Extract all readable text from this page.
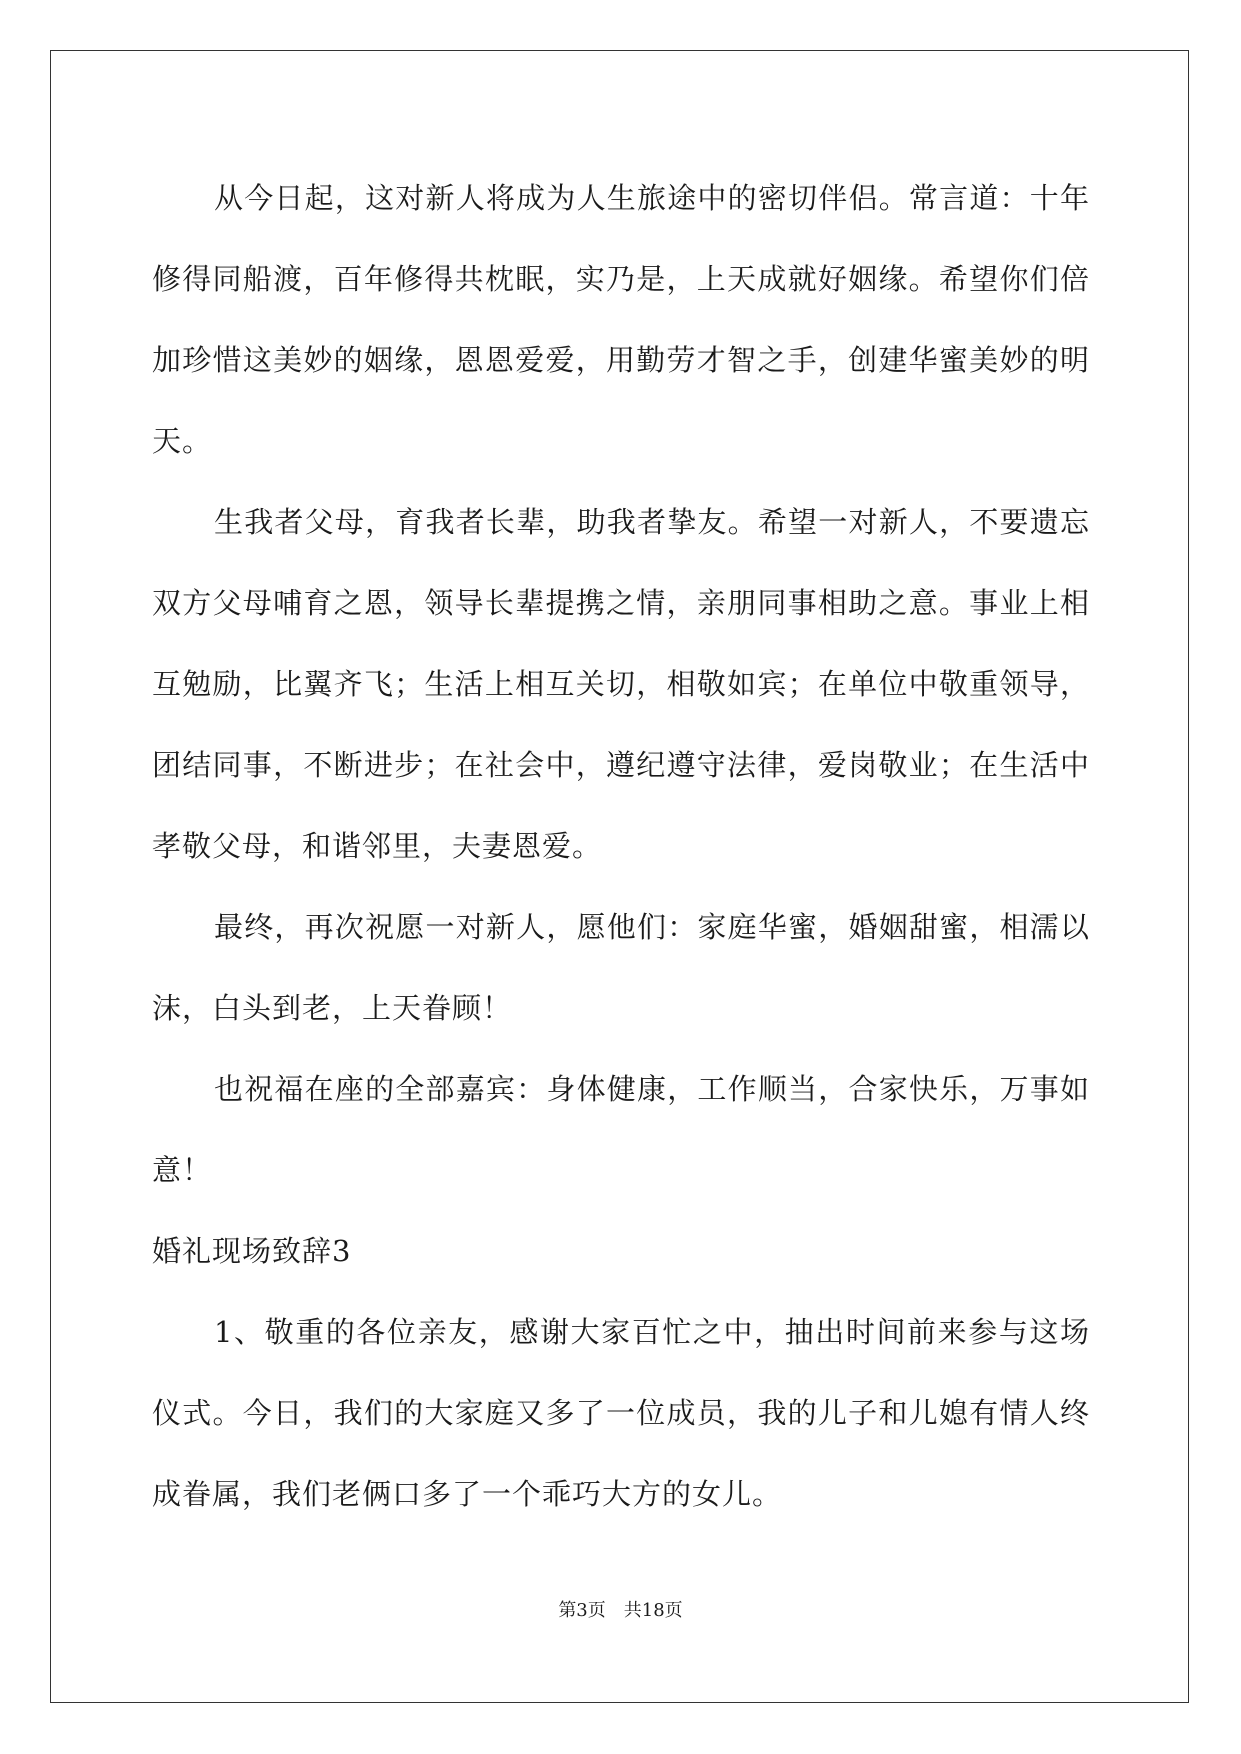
从今日起，这对新人将成为人生旅途中的密切伴侣。常言道：十年修得同船渡，百年修得共枕眠，实乃是，上天成就好姻缘。希望你们倍加珍惜这美妙的姻缘，恩恩爱爱，用勤劳才智之手，创建华蜜美妙的明天。

生我者父母，育我者长辈，助我者挚友。希望一对新人，不要遗忘双方父母哺育之恩，领导长辈提携之情，亲朋同事相助之意。事业上相互勉励，比翼齐飞；生活上相互关切，相敬如宾；在单位中敬重领导，团结同事，不断进步；在社会中，遵纪遵守法律，爱岗敬业；在生活中孝敬父母，和谐邻里，夫妻恩爱。

最终，再次祝愿一对新人，愿他们：家庭华蜜，婚姻甜蜜，相濡以沫，白头到老，上天眷顾！

也祝福在座的全部嘉宾：身体健康，工作顺当，合家快乐，万事如意！

婚礼现场致辞3

1、敬重的各位亲友，感谢大家百忙之中，抽出时间前来参与这场仪式。今日，我们的大家庭又多了一位成员，我的儿子和儿媳有情人终成眷属，我们老俩口多了一个乖巧大方的女儿。

第3页 共18页
